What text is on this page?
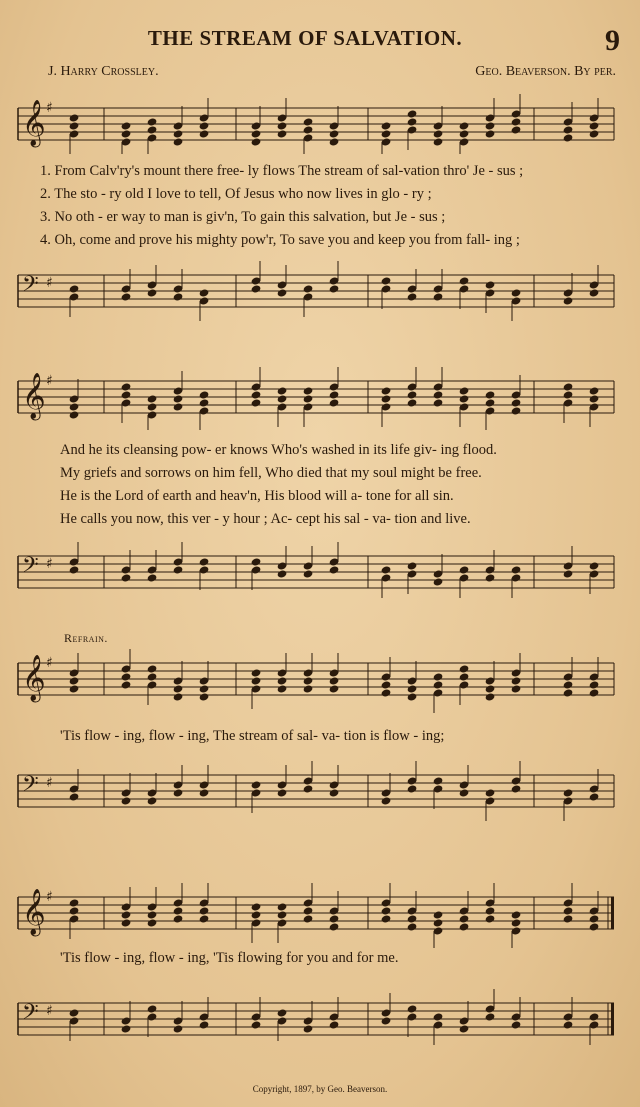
THE STREAM OF SALVATION.	9
J. Harry Crossley.	Geo. Beaverson. By per.
𝄞 ♯
1. From Calv'ry's mount there free- ly flows The stream of sal-vation thro' Je - sus ;
2. The sto - ry old I love to tell, Of Jesus who now lives in glo - ry ;
3. No oth - er way to man is giv'n, To gain this salvation, but Je - sus ;
4. Oh, come and prove his mighty pow'r, To save you and keep you from fall- ing ;
𝄢 ♯
𝄞 ♯
And he its cleansing pow- er knows Who's washed in its life giv- ing flood.
My griefs and sorrows on him fell, Who died that my soul might be free.
He is the Lord of earth and heav'n, His blood will a- tone for all sin.
He calls you now, this ver - y hour ; Ac- cept his sal - va- tion and live.
𝄢 ♯
Refrain.
𝄞 ♯
'Tis flow - ing, flow - ing, The stream of sal- va- tion is flow - ing;
𝄢 ♯
𝄞 ♯
'Tis flow - ing, flow - ing, 'Tis flowing for you and for me.
𝄢 ♯
Copyright, 1897, by Geo. Beaverson.
